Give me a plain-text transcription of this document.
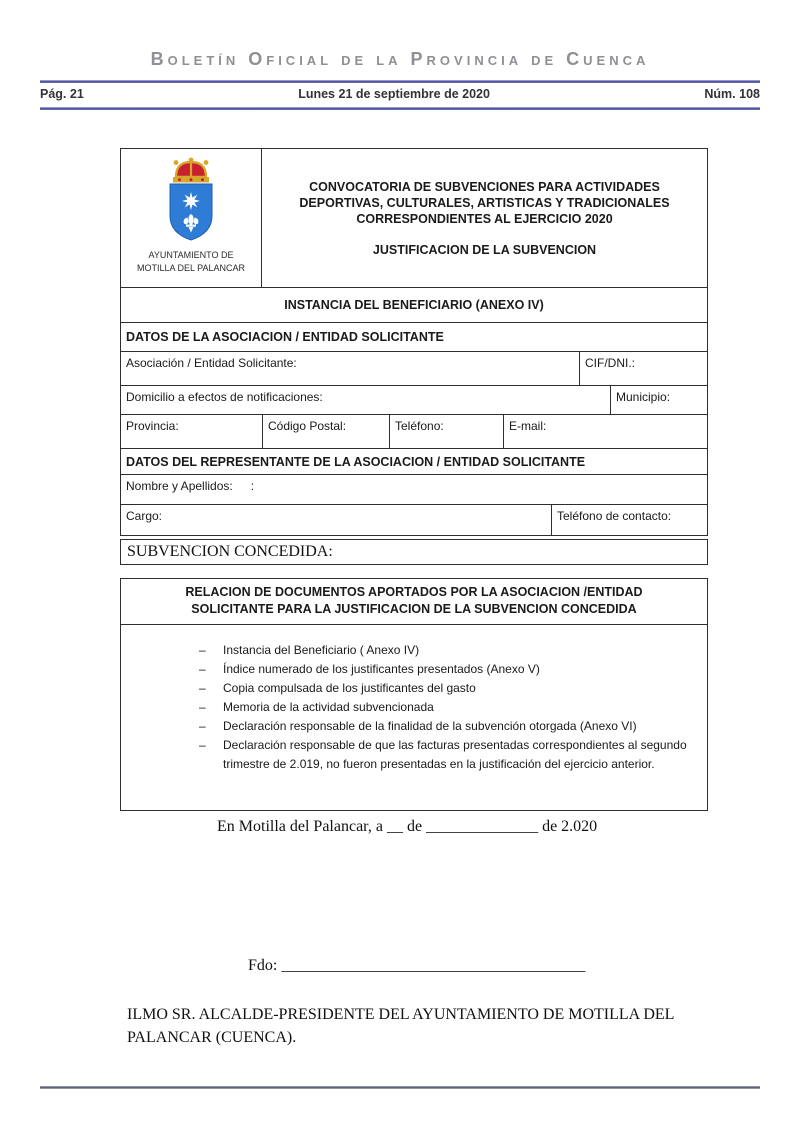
Boletín Oficial de la Provincia de Cuenca
Pág. 21	Lunes 21 de septiembre de 2020	Núm. 108
AYUNTAMIENTO DE
MOTILLA DEL PALANCAR
CONVOCATORIA DE SUBVENCIONES PARA ACTIVIDADES
DEPORTIVAS, CULTURALES, ARTISTICAS Y TRADICIONALES
CORRESPONDIENTES AL EJERCICIO 2020
JUSTIFICACION DE LA SUBVENCION
INSTANCIA DEL BENEFICIARIO (ANEXO IV)
DATOS DE LA ASOCIACION / ENTIDAD SOLICITANTE
Asociación / Entidad Solicitante:	CIF/DNI.:
Domicilio a efectos de notificaciones:	Municipio:
Provincia:	Código Postal:	Teléfono:	E-mail:
DATOS DEL REPRESENTANTE DE LA ASOCIACION / ENTIDAD SOLICITANTE
Nombre y Apellidos: :
Cargo:	Teléfono de contacto:
SUBVENCION CONCEDIDA:
RELACION DE DOCUMENTOS APORTADOS POR LA ASOCIACION /ENTIDAD
SOLICITANTE PARA LA JUSTIFICACION DE LA SUBVENCION CONCEDIDA
–	Instancia del Beneficiario ( Anexo IV)
–	Índice numerado de los justificantes presentados (Anexo V)
–	Copia compulsada de los justificantes del gasto
–	Memoria de la actividad subvencionada
–	Declaración responsable de la finalidad de la subvención otorgada (Anexo VI)
–	Declaración responsable de que las facturas presentadas correspondientes al segundo trimestre de 2.019, no fueron presentadas en la justificación del ejercicio anterior.
En Motilla del Palancar, a __ de ______________ de 2.020
Fdo: ______________________________________
ILMO SR. ALCALDE-PRESIDENTE DEL AYUNTAMIENTO DE MOTILLA DEL PALANCAR (CUENCA).
